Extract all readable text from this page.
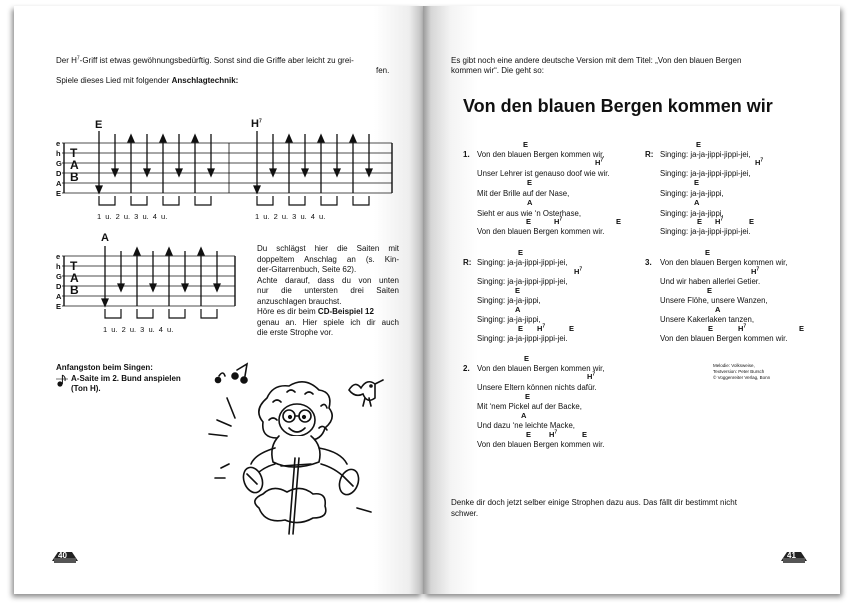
Der $H^7$-Griff ist etwas gewöhnungsbedürftig. Sonst sind die Griffe aber leicht zu grei-
fen.
Spiele dieses Lied mit folgender Anschlagtechnik:
E	$H^7$
e
h
G
D
A
E
T
A
B
1 u. 2 u. 3 u. 4 u.	1 u. 2 u. 3 u. 4 u.
A
e
h
G
D
A
E
T
A
B
1 u. 2 u. 3 u. 4 u.
Du schlägst hier die Saiten mit
doppeltem Anschlag an (s. Kin-
der-Gitarrenbuch, Seite 62).
Achte darauf, dass du von unten
nur die untersten drei Saiten
anzuschlagen brauchst.
Höre es dir beim CD-Beispiel 12
genau an. Hier spiele ich dir auch
die erste Strophe vor.
Anfangston beim Singen:
A-Saite im 2. Bund anspielen
(Ton H).
40
Es gibt noch eine andere deutsche Version mit dem Titel: „Von den blauen Bergen
kommen wir“. Die geht so:
Von den blauen Bergen kommen wir
1.
E
Von den blauen Bergen kommen wir,
$H^7$
Unser Lehrer ist genauso doof wie wir.
E
Mit der Brille auf der Nase,
A
Sieht er aus wie ‘n Osterhase,
E	$H^7$	E
Von den blauen Bergen kommen wir.
R:
E
Singing: ja-ja-jippi-jippi-jei,
$H^7$
Singing: ja-ja-jippi-jippi-jei,
E
Singing: ja-ja-jippi,
A
Singing: ja-ja-jippi,
E $H^7$	E
Singing: ja-ja-jippi-jippi-jei.
R:
E
Singing: ja-ja-jippi-jippi-jei,
$H^7$
Singing: ja-ja-jippi-jippi-jei,
E
Singing: ja-ja-jippi,
A
Singing: ja-ja-jippi,
E $H^7$	E
Singing: ja-ja-jippi-jippi-jei.
3.
E
Von den blauen Bergen kommen wir,
$H^7$
Und wir haben allerlei Getier.
E
Unsere Flöhe, unsere Wanzen,
A
Unsere Kakerlaken tanzen,
E	$H^7$	E
Von den blauen Bergen kommen wir.
Melodie: Volksweise,
Textversion: Peter Bursch
© Voggenreiter Verlag, Bonn
2.
E
Von den blauen Bergen kommen wir,
$H^7$
Unsere Eltern können nichts dafür.
E
Mit ‘nem Pickel auf der Backe,
A
Und dazu ‘ne leichte Macke,
E $H^7$	E
Von den blauen Bergen kommen wir.
Denke dir doch jetzt selber einige Strophen dazu aus. Das fällt dir bestimmt nicht
schwer.
41
